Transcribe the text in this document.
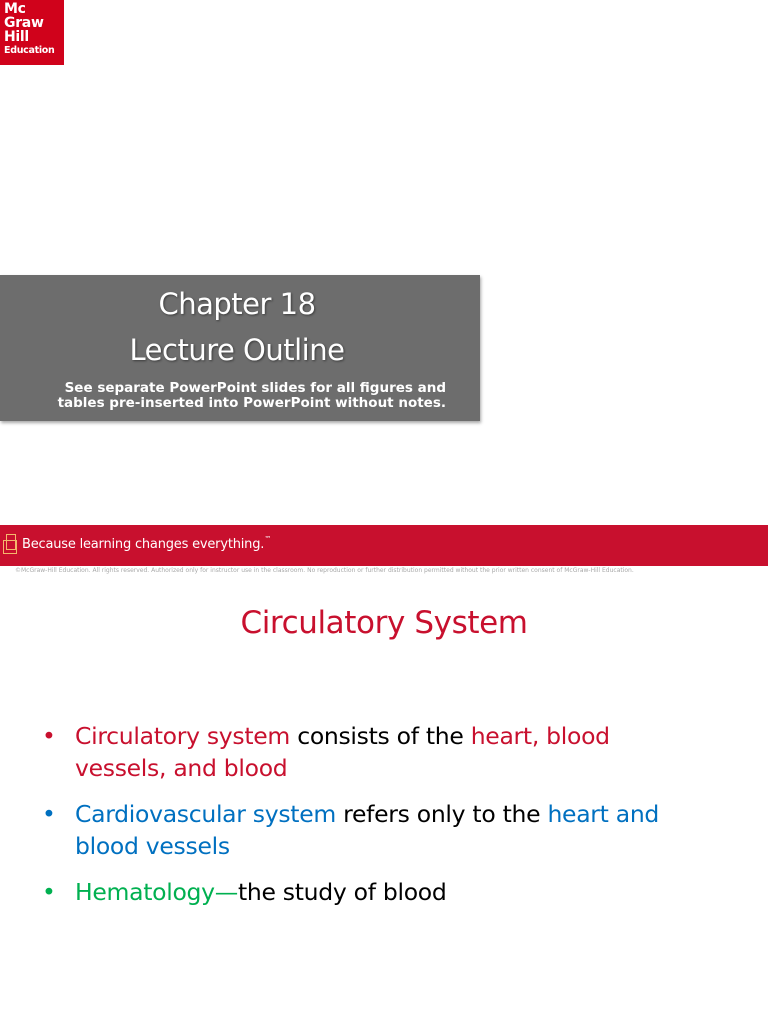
Mc
Graw
Hill
Education
Chapter 18
Lecture Outline
See separate PowerPoint slides for all figures and tables pre-inserted into PowerPoint without notes.
Because learning changes everything.™
©McGraw-Hill Education. All rights reserved. Authorized only for instructor use in the classroom. No reproduction or further distribution permitted without the prior written consent of McGraw-Hill Education.
Circulatory System
• Circulatory system consists of the heart, blood vessels, and blood
• Cardiovascular system refers only to the heart and blood vessels
• Hematology—the study of blood
